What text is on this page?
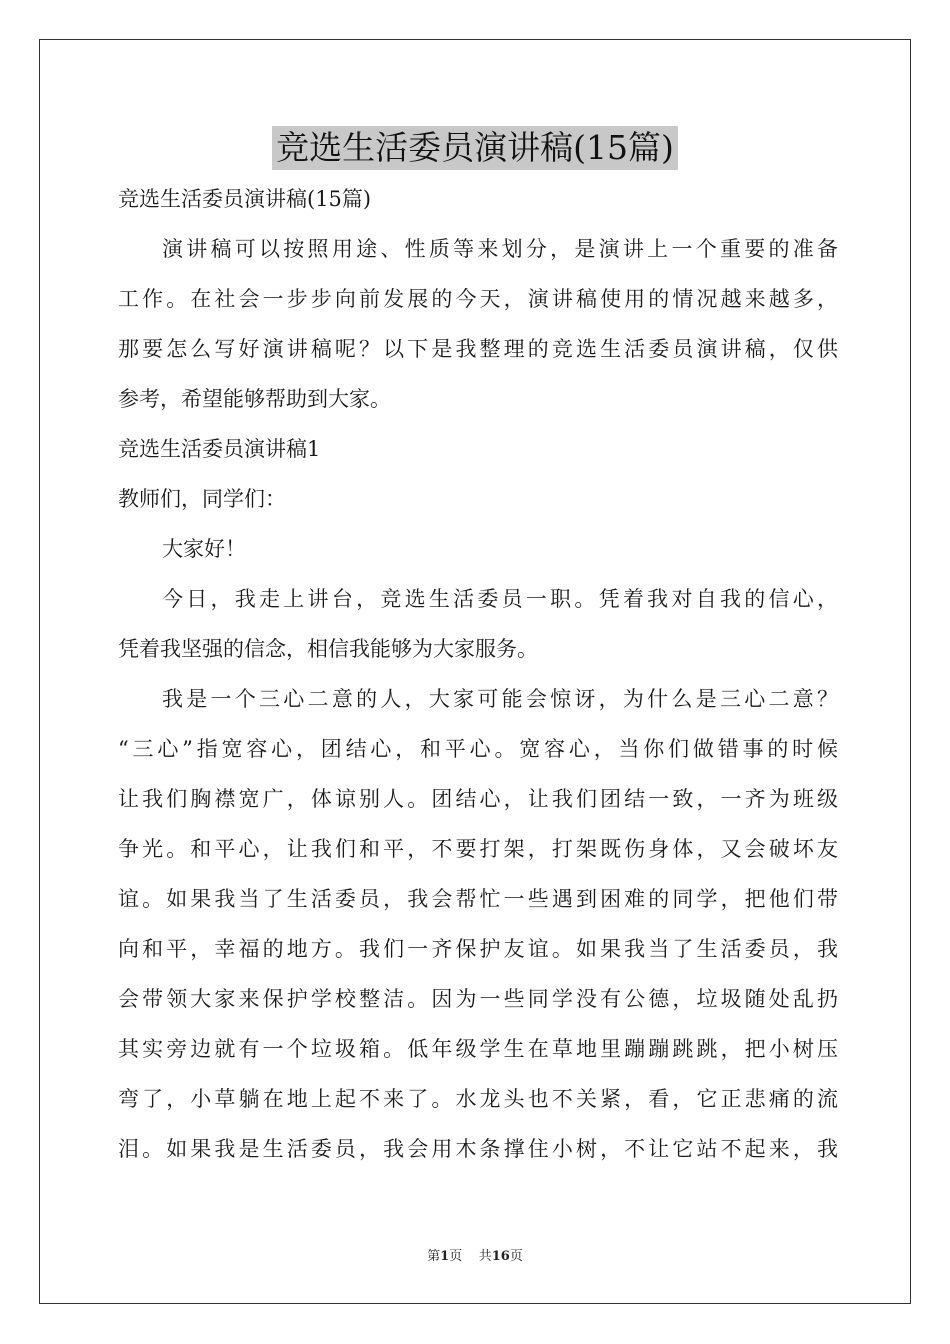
竞选生活委员演讲稿(15篇)
竞选生活委员演讲稿(15篇)
演讲稿可以按照用途、性质等来划分，是演讲上一个重要的准备
工作。在社会一步步向前发展的今天，演讲稿使用的情况越来越多，
那要怎么写好演讲稿呢？以下是我整理的竞选生活委员演讲稿，仅供
参考，希望能够帮助到大家。
竞选生活委员演讲稿1
教师们，同学们：
大家好！
今日，我走上讲台，竞选生活委员一职。凭着我对自我的信心，
凭着我坚强的信念，相信我能够为大家服务。
我是一个三心二意的人，大家可能会惊讶，为什么是三心二意？
“三心”指宽容心，团结心，和平心。宽容心，当你们做错事的时候
让我们胸襟宽广，体谅别人。团结心，让我们团结一致，一齐为班级
争光。和平心，让我们和平，不要打架，打架既伤身体，又会破坏友
谊。如果我当了生活委员，我会帮忙一些遇到困难的同学，把他们带
向和平，幸福的地方。我们一齐保护友谊。如果我当了生活委员，我
会带领大家来保护学校整洁。因为一些同学没有公德，垃圾随处乱扔
其实旁边就有一个垃圾箱。低年级学生在草地里蹦蹦跳跳，把小树压
弯了，小草躺在地上起不来了。水龙头也不关紧，看，它正悲痛的流
泪。如果我是生活委员，我会用木条撑住小树，不让它站不起来，我
第1页 共16页
